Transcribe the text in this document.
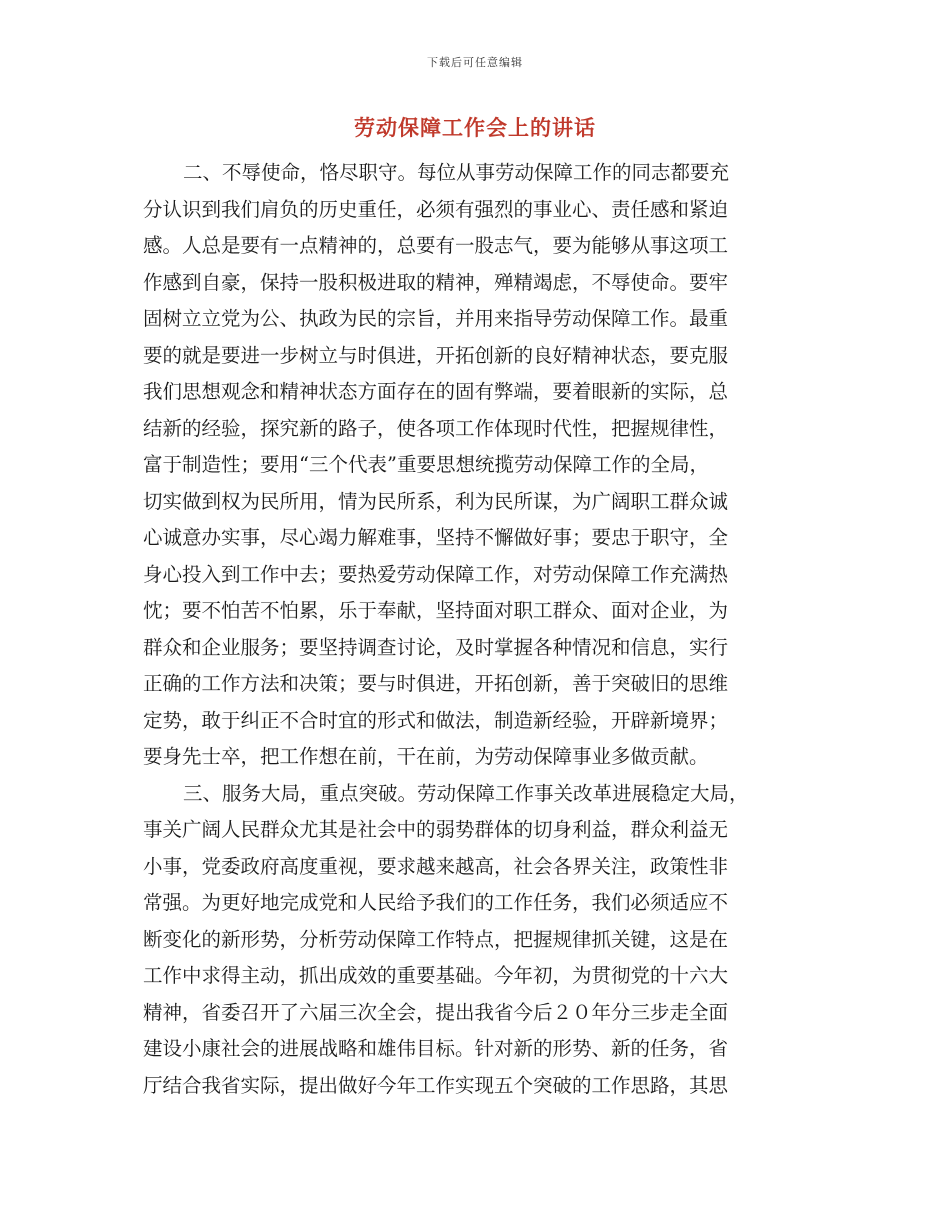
下载后可任意编辑
劳动保障工作会上的讲话
二、不辱使命，恪尽职守。每位从事劳动保障工作的同志都要充
分认识到我们肩负的历史重任，必须有强烈的事业心、责任感和紧迫
感。人总是要有一点精神的，总要有一股志气，要为能够从事这项工
作感到自豪，保持一股积极进取的精神，殚精竭虑，不辱使命。要牢
固树立立党为公、执政为民的宗旨，并用来指导劳动保障工作。最重
要的就是要进一步树立与时俱进，开拓创新的良好精神状态，要克服
我们思想观念和精神状态方面存在的固有弊端，要着眼新的实际，总
结新的经验，探究新的路子，使各项工作体现时代性，把握规律性，
富于制造性；要用“三个代表”重要思想统揽劳动保障工作的全局，
切实做到权为民所用，情为民所系，利为民所谋，为广阔职工群众诚
心诚意办实事，尽心竭力解难事，坚持不懈做好事；要忠于职守，全
身心投入到工作中去；要热爱劳动保障工作，对劳动保障工作充满热
忱；要不怕苦不怕累，乐于奉献，坚持面对职工群众、面对企业，为
群众和企业服务；要坚持调查讨论，及时掌握各种情况和信息，实行
正确的工作方法和决策；要与时俱进，开拓创新，善于突破旧的思维
定势，敢于纠正不合时宜的形式和做法，制造新经验，开辟新境界；
要身先士卒，把工作想在前，干在前，为劳动保障事业多做贡献。
三、服务大局，重点突破。劳动保障工作事关改革进展稳定大局，
事关广阔人民群众尤其是社会中的弱势群体的切身利益，群众利益无
小事，党委政府高度重视，要求越来越高，社会各界关注，政策性非
常强。为更好地完成党和人民给予我们的工作任务，我们必须适应不
断变化的新形势，分析劳动保障工作特点，把握规律抓关键，这是在
工作中求得主动，抓出成效的重要基础。今年初，为贯彻党的十六大
精神，省委召开了六届三次全会，提出我省今后２０年分三步走全面
建设小康社会的进展战略和雄伟目标。针对新的形势、新的任务，省
厅结合我省实际，提出做好今年工作实现五个突破的工作思路，其思
